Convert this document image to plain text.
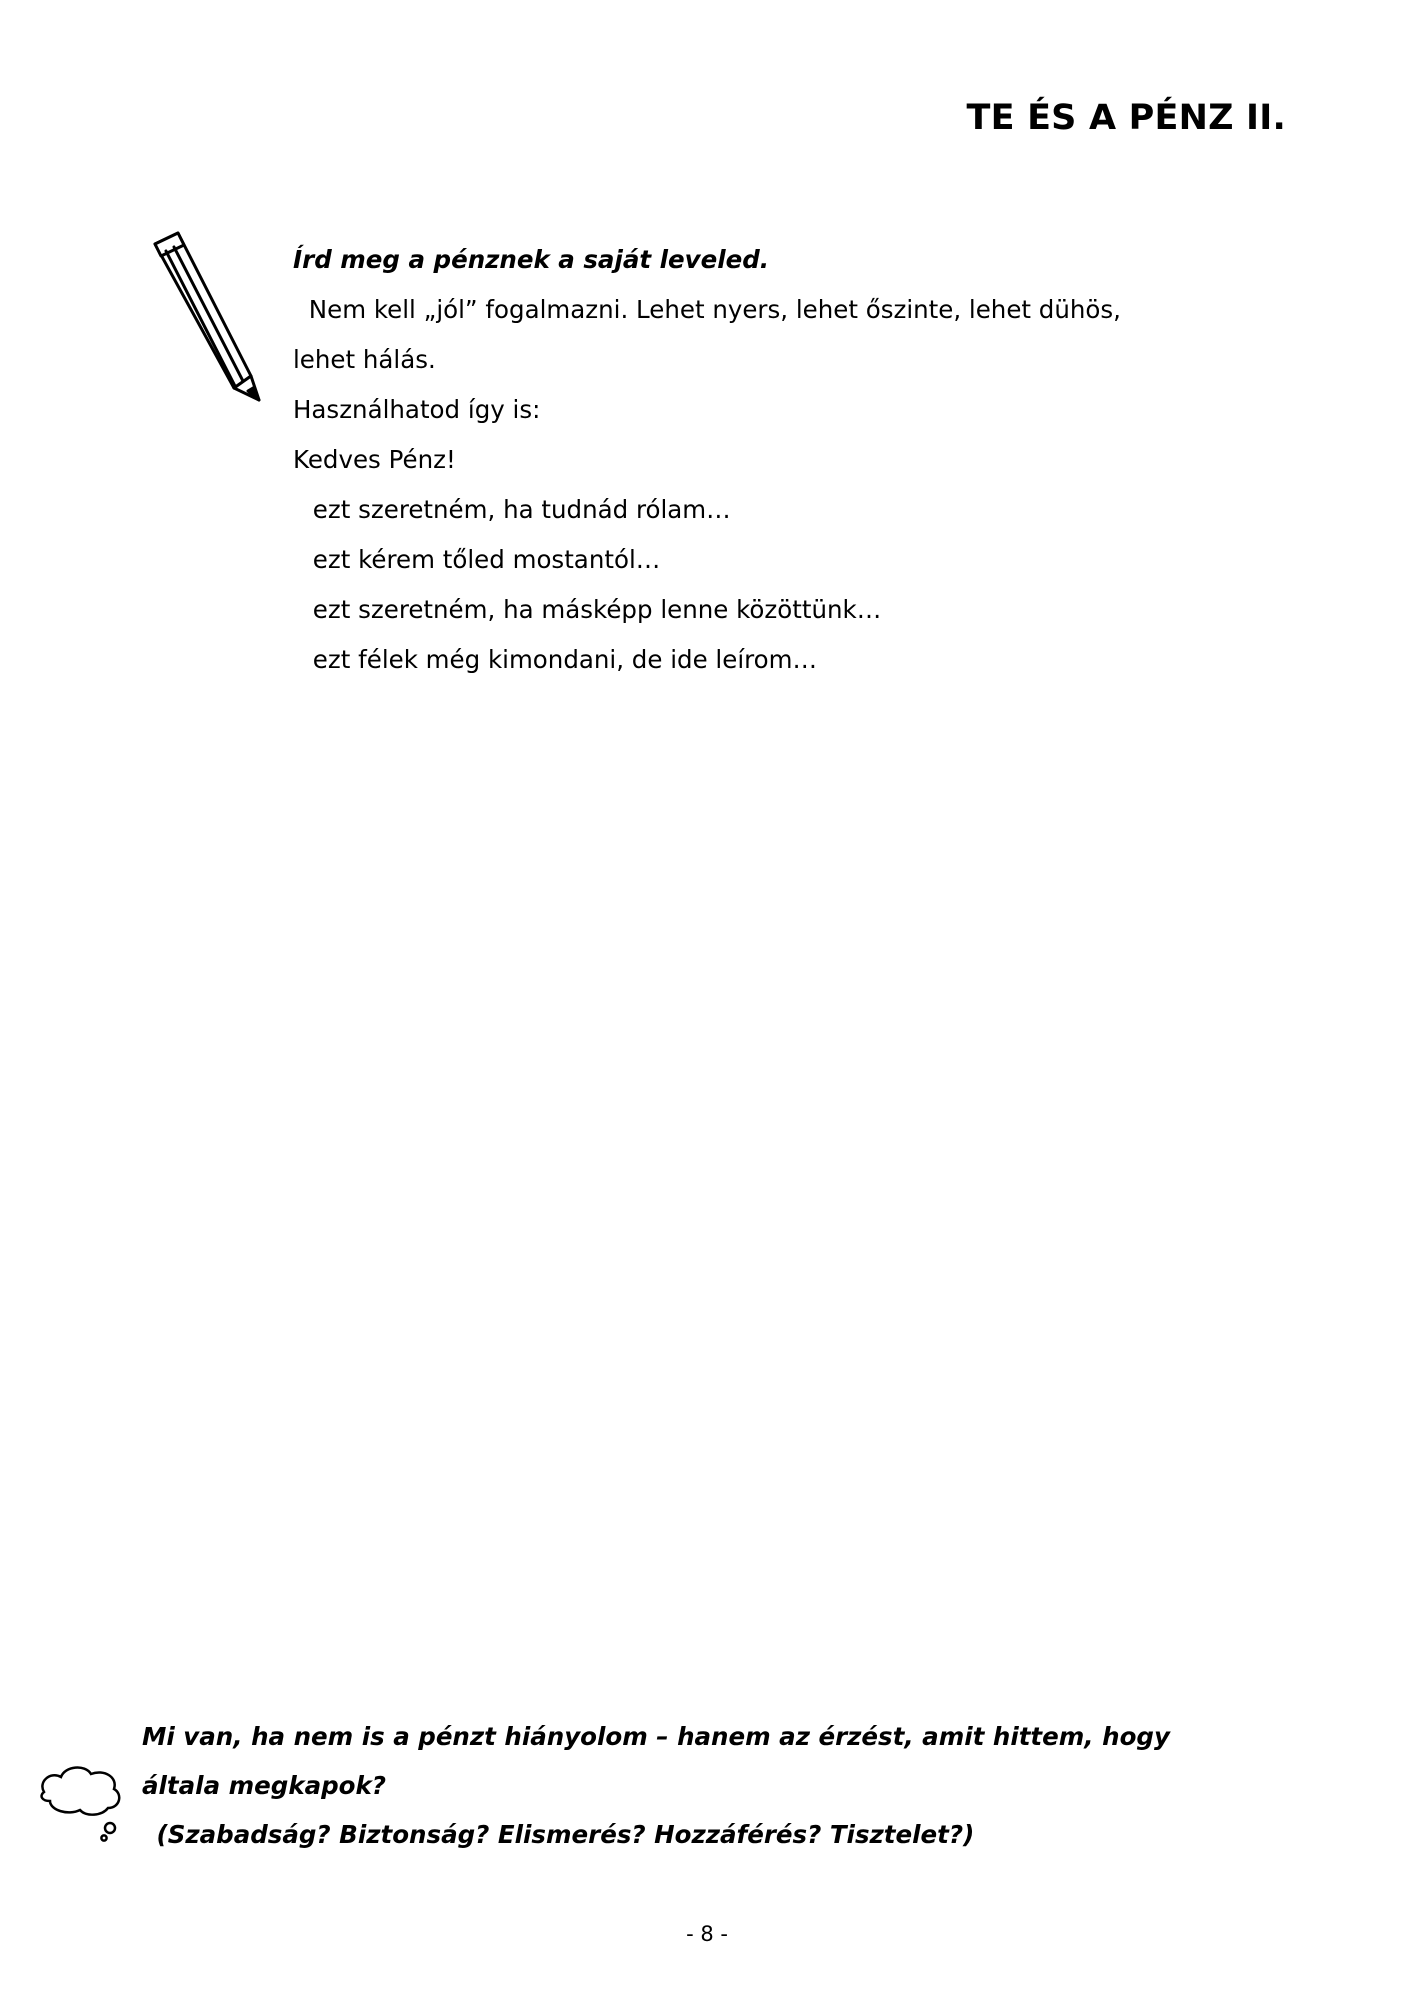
TE ÉS A PÉNZ II.
Írd meg a pénznek a saját leveled.
Nem kell „jól” fogalmazni. Lehet nyers, lehet őszinte, lehet dühös,
lehet hálás.
Használhatod így is:
Kedves Pénz!
ezt szeretném, ha tudnád rólam…
ezt kérem tőled mostantól…
ezt szeretném, ha másképp lenne közöttünk…
ezt félek még kimondani, de ide leírom…
Mi van, ha nem is a pénzt hiányolom – hanem az érzést, amit hittem, hogy
általa megkapok?
(Szabadság? Biztonság? Elismerés? Hozzáférés? Tisztelet?)
- 8 -
